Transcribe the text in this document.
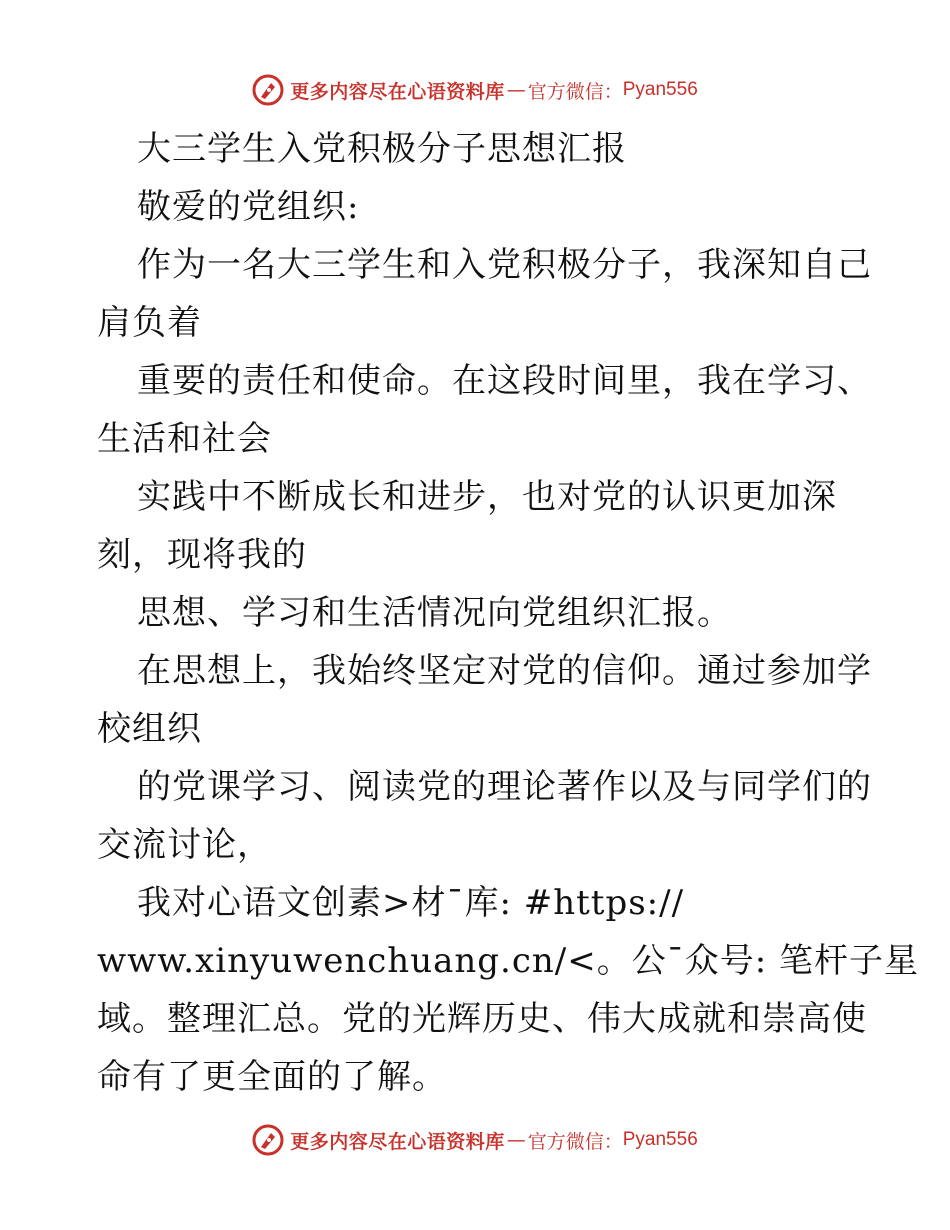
更多内容尽在心语资料库 — 官方微信： Pyan556
大三学生入党积极分子思想汇报
敬爱的党组织:
作为一名大三学生和入党积极分子，我深知自己
肩负着
重要的责任和使命。在这段时间里，我在学习、
生活和社会
实践中不断成长和进步，也对党的认识更加深
刻，现将我的
思想、学习和生活情况向党组织汇报。
在思想上，我始终坚定对党的信仰。通过参加学
校组织
的党课学习、阅读党的理论著作以及与同学们的
交流讨论，
我对心语文创素>材¯库: #https://
www.xinyuwenchuang.cn/<。公¯众号: 笔杆子星
域。整理汇总。党的光辉历史、伟大成就和崇高使
命有了更全面的了解。
更多内容尽在心语资料库 — 官方微信： Pyan556
